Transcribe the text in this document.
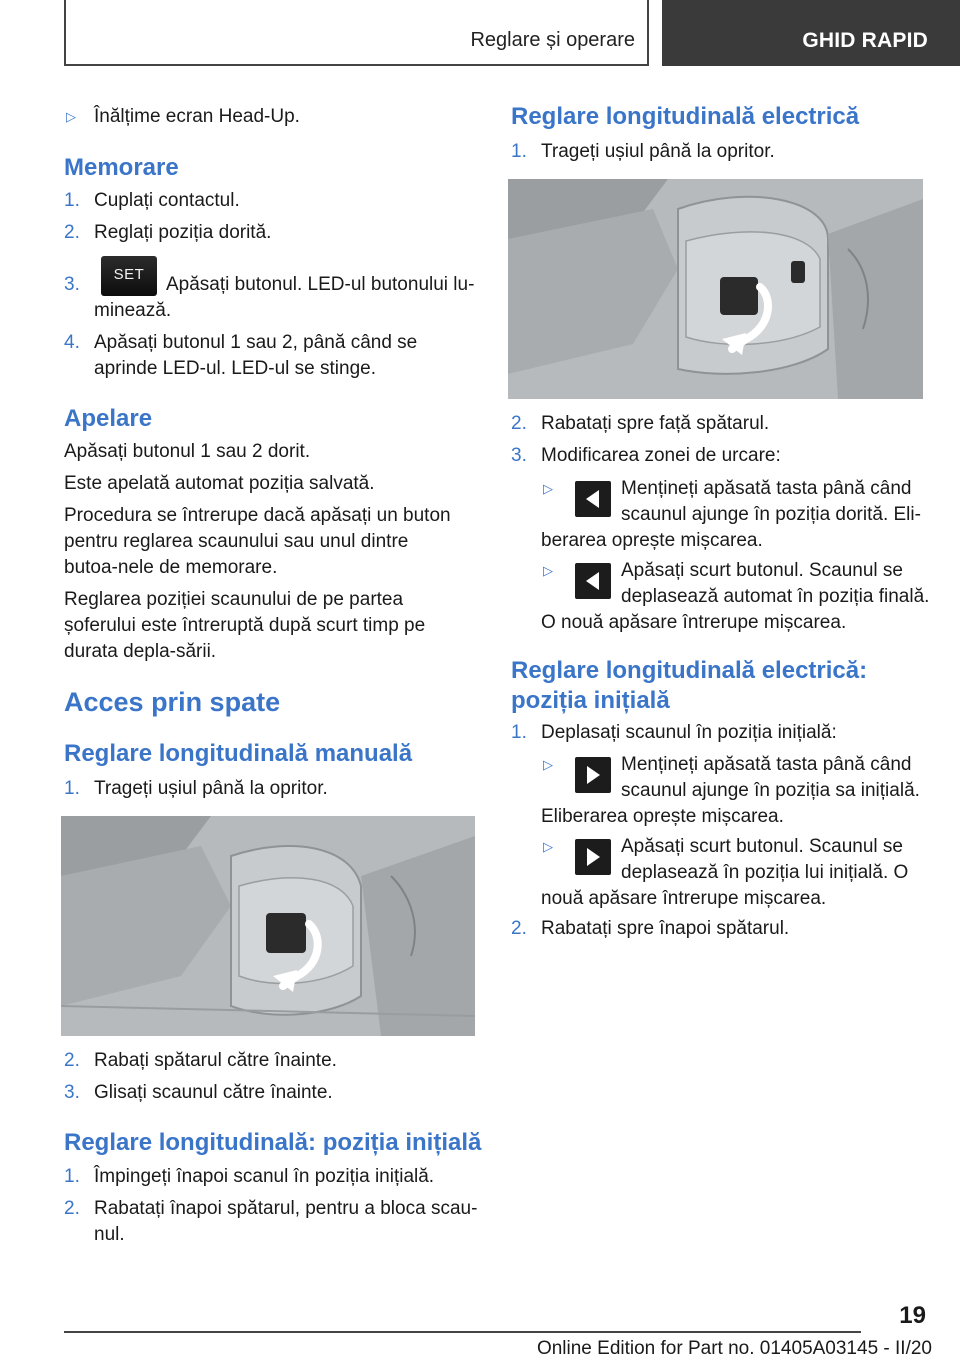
Reglare și operare	GHID RAPID
▷ Înălțime ecran Head-Up.

Memorare
1. Cuplați contactul.

2. Reglați poziția dorită.

3.	Apăsați butonul. LED-ul butonului lu-

minează.

SET
4. Apăsați butonul 1 sau 2, până când se aprinde LED-ul. LED-ul se stinge.

Apelare

Apăsați butonul 1 sau 2 dorit.

Este apelată automat poziția salvată.

Procedura se întrerupe dacă apăsați un buton pentru reglarea scaunului sau unul dintre butoa-nele de memorare.

Reglarea poziției scaunului de pe partea șoferului este întreruptă după scurt timp pe durata depla-sării.

Acces prin spate
Reglare longitudinală manuală
1. Trageți ușiul până la opritor.

2. Rabați spătarul către înainte.

3. Glisați scaunul către înainte.

Reglare longitudinală: poziția inițială
1. Împingeți înapoi scanul în poziția inițială.

2. Rabatați înapoi spătarul, pentru a bloca scau-nul.

Reglare longitudinală electrică
1. Trageți ușiul până la opritor.

2. Rabatați spre față spătarul.

3. Modificarea zonei de urcare:

▷	Mențineți apăsată tasta până când

scaunul ajunge în poziția dorită. Eli-

berarea oprește mișcarea.

▷	Apăsați scurt butonul. Scaunul se

deplasează automat în poziția finală.

O nouă apăsare întrerupe mișcarea.

Reglare longitudinală electrică:
poziția inițială
1. Deplasați scaunul în poziția inițială:

▷	Mențineți apăsată tasta până când

scaunul ajunge în poziția sa inițială.

Eliberarea oprește mișcarea.

▷	Apăsați scurt butonul. Scaunul se

deplasează în poziția lui inițială. O

nouă apăsare întrerupe mișcarea.

2. Rabatați spre înapoi spătarul.

19
Online Edition for Part no. 01405A03145 - II/20
